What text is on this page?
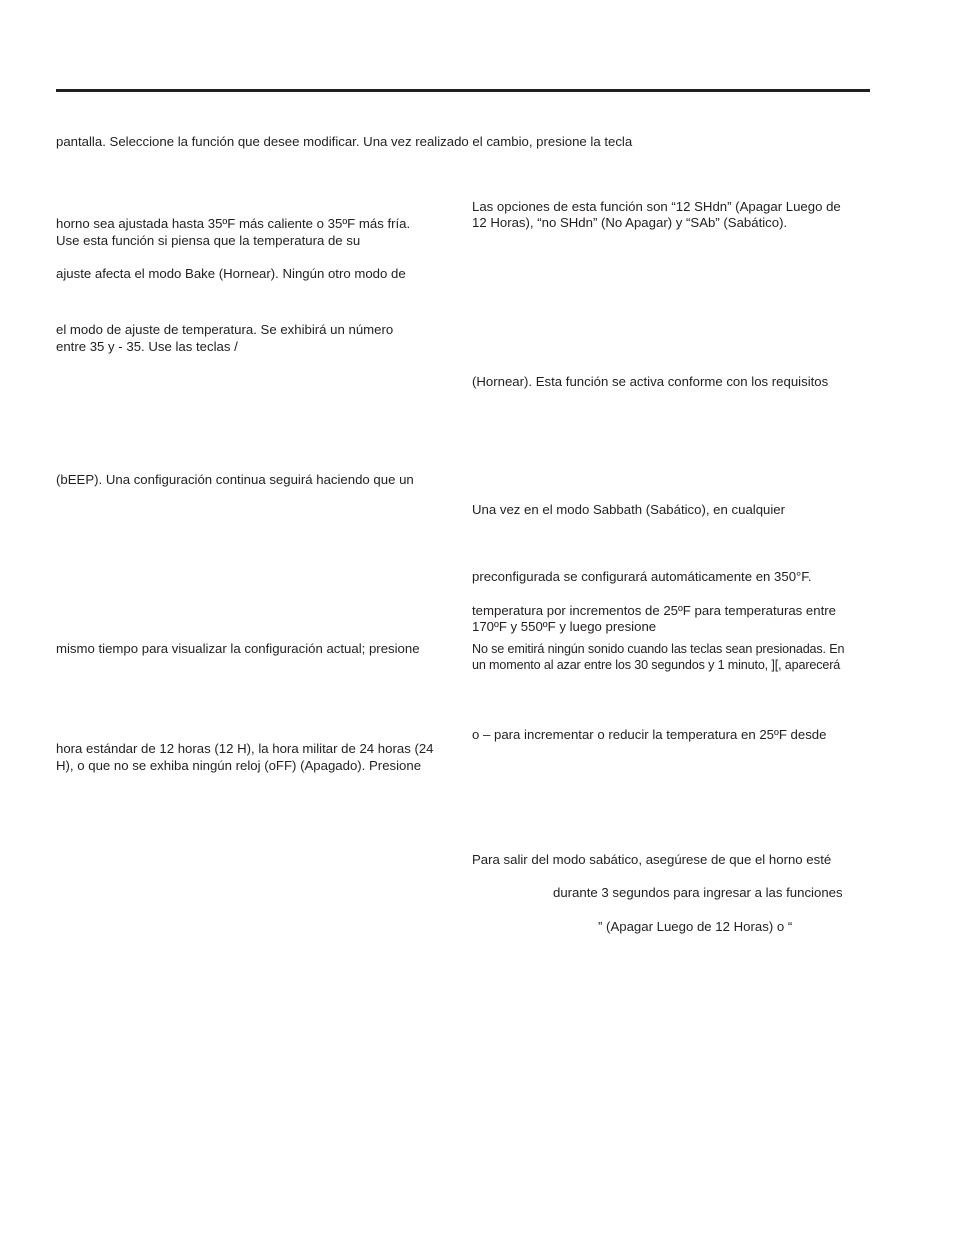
pantalla. Seleccione la función que desee modificar. Una vez realizado el cambio, presione la tecla
horno sea ajustada hasta 35ºF más caliente o 35ºF más fría.
Use esta función si piensa que la temperatura de su
ajuste afecta el modo Bake (Hornear). Ningún otro modo de
el modo de ajuste de temperatura. Se exhibirá un número
entre 35 y - 35. Use las teclas /
(bEEP). Una configuración continua seguirá haciendo que un
mismo tiempo para visualizar la configuración actual; presione
hora estándar de 12 horas (12 H), la hora militar de 24 horas (24
H), o que no se exhiba ningún reloj (oFF) (Apagado). Presione
Las opciones de esta función son “12 SHdn” (Apagar Luego de
12 Horas), “no SHdn” (No Apagar) y “SAb” (Sabático).
(Hornear). Esta función se activa conforme con los requisitos
Una vez en el modo Sabbath (Sabático), en cualquier
preconfigurada se configurará automáticamente en 350°F.
temperatura por incrementos de 25ºF para temperaturas entre
170ºF y 550ºF y luego presione
No se emitirá ningún sonido cuando las teclas sean presionadas. En
un momento al azar entre los 30 segundos y 1 minuto, ][, aparecerá
o – para incrementar o reducir la temperatura en 25ºF desde
Para salir del modo sabático, asegúrese de que el horno esté
durante 3 segundos para ingresar a las funciones
” (Apagar Luego de 12 Horas) o “
